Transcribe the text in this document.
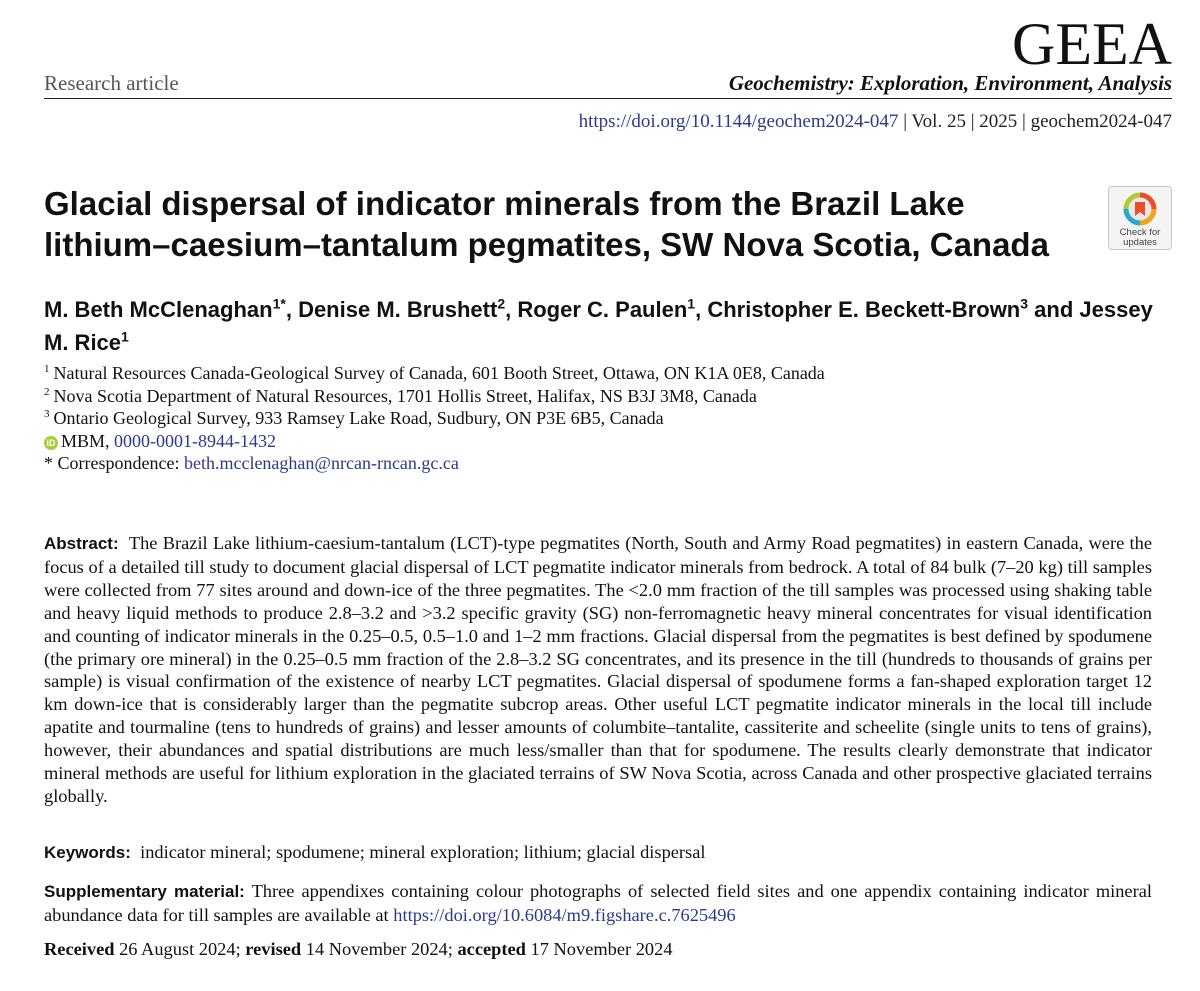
GEEA
Research article	Geochemistry: Exploration, Environment, Analysis
https://doi.org/10.1144/geochem2024-047 | Vol. 25 | 2025 | geochem2024-047
Glacial dispersal of indicator minerals from the Brazil Lake lithium–caesium–tantalum pegmatites, SW Nova Scotia, Canada	Check for updates
M. Beth McClenaghan$^{1*}$, Denise M. Brushett$^2$, Roger C. Paulen$^1$, Christopher E. Beckett-Brown$^3$ and Jessey M. Rice$^1$
$^1$ Natural Resources Canada-Geological Survey of Canada, 601 Booth Street, Ottawa, ON K1A 0E8, Canada
$^2$ Nova Scotia Department of Natural Resources, 1701 Hollis Street, Halifax, NS B3J 3M8, Canada
$^3$ Ontario Geological Survey, 933 Ramsey Lake Road, Sudbury, ON P3E 6B5, Canada
iD MBM, 0000-0001-8944-1432
* Correspondence: beth.mcclenaghan@nrcan-rncan.gc.ca
Abstract: The Brazil Lake lithium-caesium-tantalum (LCT)-type pegmatites (North, South and Army Road pegmatites) in eastern Canada, were the focus of a detailed till study to document glacial dispersal of LCT pegmatite indicator minerals from bedrock. A total of 84 bulk (7–20 kg) till samples were collected from 77 sites around and down-ice of the three pegmatites. The <2.0 mm fraction of the till samples was processed using shaking table and heavy liquid methods to produce 2.8–3.2 and >3.2 specific gravity (SG) non-ferromagnetic heavy mineral concentrates for visual identification and counting of indicator minerals in the 0.25–0.5, 0.5–1.0 and 1–2 mm fractions. Glacial dispersal from the pegmatites is best defined by spodumene (the primary ore mineral) in the 0.25–0.5 mm fraction of the 2.8–3.2 SG concentrates, and its presence in the till (hundreds to thousands of grains per sample) is visual confirmation of the existence of nearby LCT pegmatites. Glacial dispersal of spodumene forms a fan-shaped exploration target 12 km down-ice that is considerably larger than the pegmatite subcrop areas. Other useful LCT pegmatite indicator minerals in the local till include apatite and tourmaline (tens to hundreds of grains) and lesser amounts of columbite–tantalite, cassiterite and scheelite (single units to tens of grains), however, their abundances and spatial distributions are much less/smaller than that for spodumene. The results clearly demonstrate that indicator mineral methods are useful for lithium exploration in the glaciated terrains of SW Nova Scotia, across Canada and other prospective glaciated terrains globally.
Keywords: indicator mineral; spodumene; mineral exploration; lithium; glacial dispersal
Supplementary material: Three appendixes containing colour photographs of selected field sites and one appendix containing indicator mineral abundance data for till samples are available at https://doi.org/10.6084/m9.figshare.c.7625496
Received 26 August 2024; revised 14 November 2024; accepted 17 November 2024
